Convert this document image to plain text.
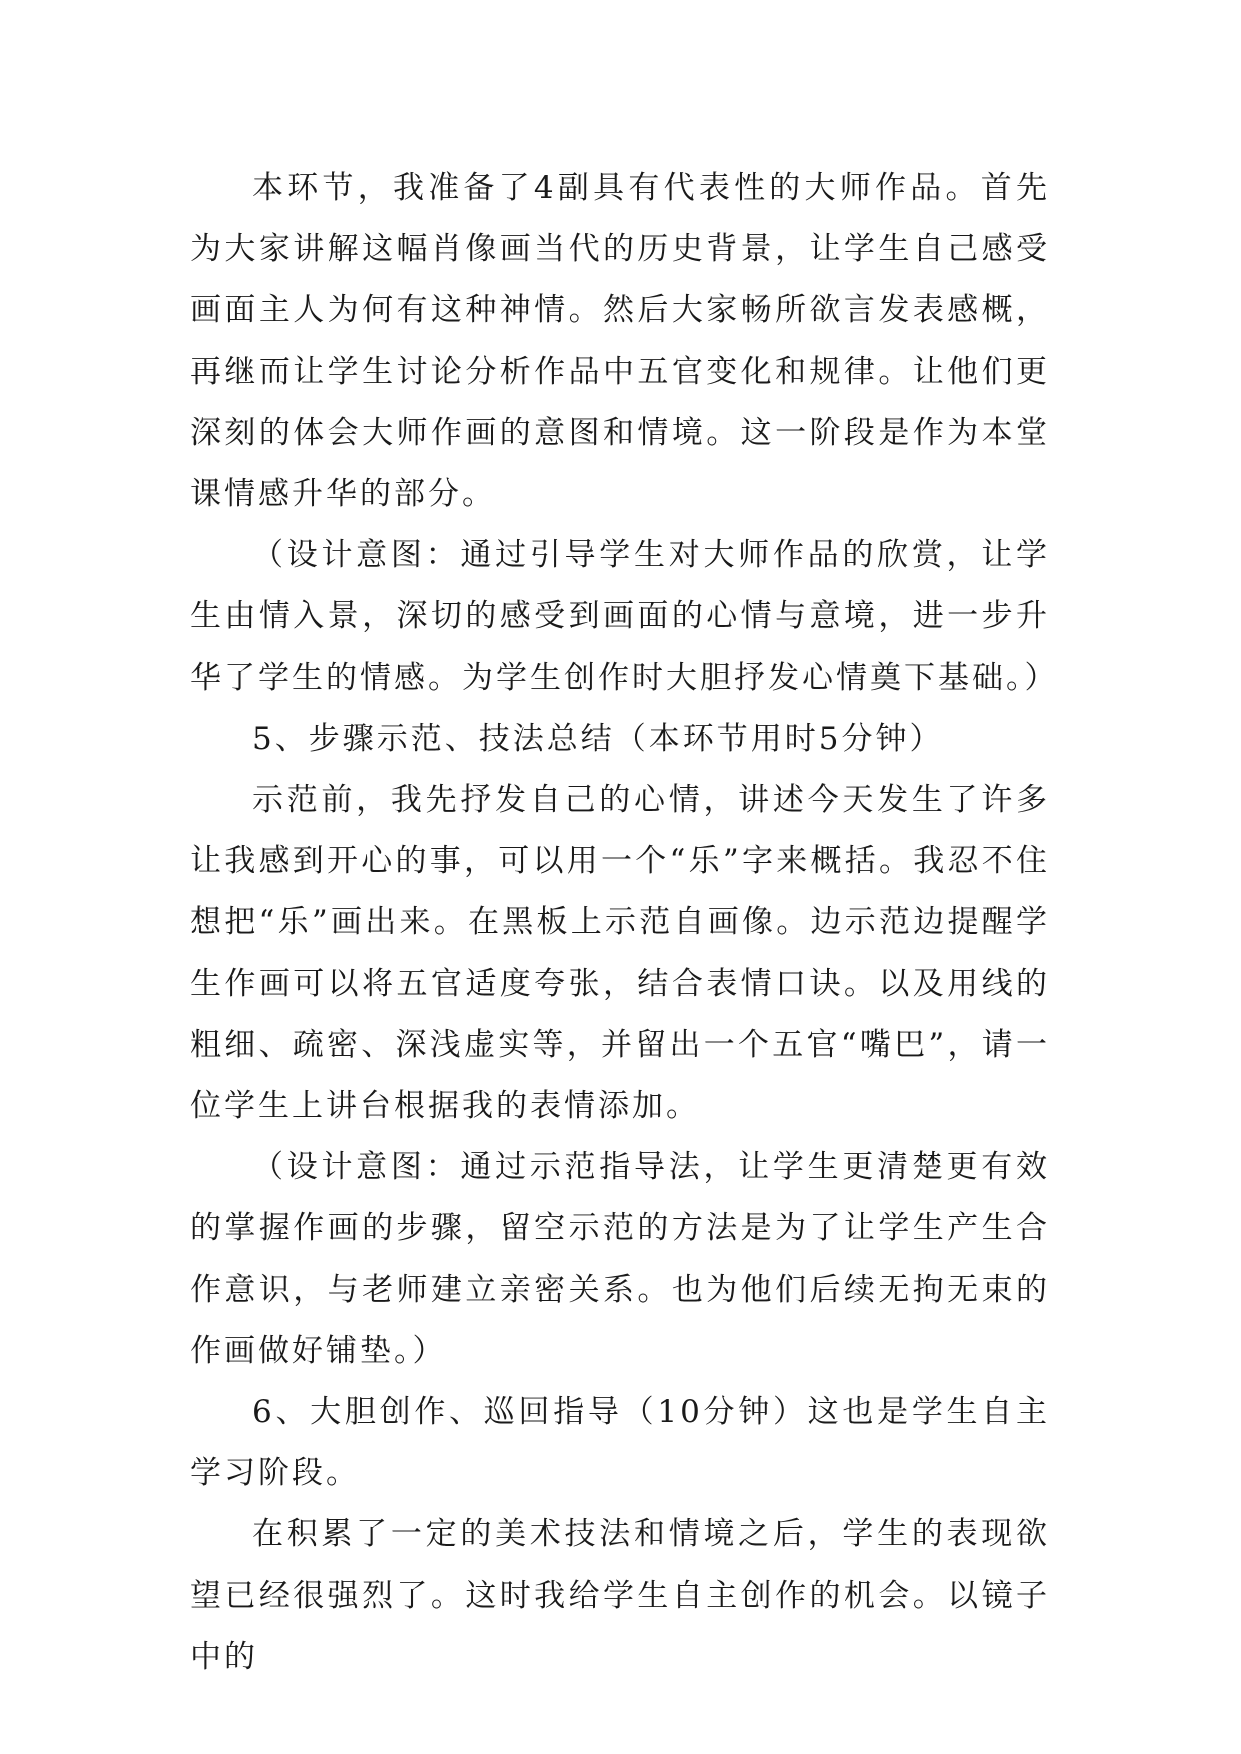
本环节，我准备了4副具有代表性的大师作品。首先为大家讲解这幅肖像画当代的历史背景，让学生自己感受画面主人为何有这种神情。然后大家畅所欲言发表感概，再继而让学生讨论分析作品中五官变化和规律。让他们更深刻的体会大师作画的意图和情境。这一阶段是作为本堂课情感升华的部分。

（设计意图：通过引导学生对大师作品的欣赏，让学生由情入景，深切的感受到画面的心情与意境，进一步升华了学生的情感。为学生创作时大胆抒发心情奠下基础。）

5、步骤示范、技法总结（本环节用时5分钟）

示范前，我先抒发自己的心情，讲述今天发生了许多让我感到开心的事，可以用一个“乐”字来概括。我忍不住想把“乐”画出来。在黑板上示范自画像。边示范边提醒学生作画可以将五官适度夸张，结合表情口诀。以及用线的粗细、疏密、深浅虚实等，并留出一个五官“嘴巴”，请一位学生上讲台根据我的表情添加。

（设计意图：通过示范指导法，让学生更清楚更有效的掌握作画的步骤，留空示范的方法是为了让学生产生合作意识，与老师建立亲密关系。也为他们后续无拘无束的作画做好铺垫。）

6、大胆创作、巡回指导（10分钟）这也是学生自主学习阶段。

在积累了一定的美术技法和情境之后，学生的表现欲望已经很强烈了。这时我给学生自主创作的机会。以镜子中的
